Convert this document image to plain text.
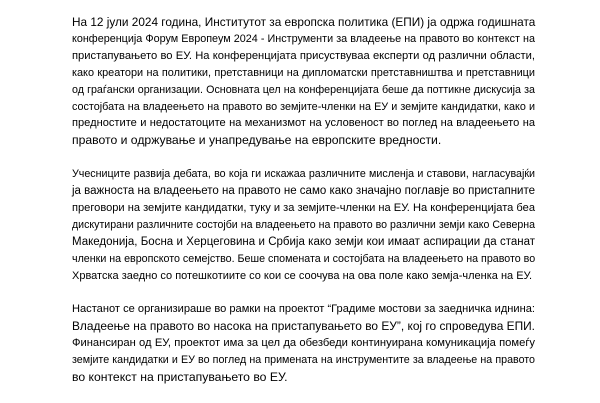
На 12 јули 2024 година, Институтот за европска политика (ЕПИ) ја одржа годишната
конференција Форум Европеум 2024 - Инструменти за владеење на правото во контекст на
пристапувањето во ЕУ. На конференцијата присуствуваа експерти од различни области,
како креатори на политики, претставници на дипломатски претставништва и претставници
од граѓански организации. Основната цел на конференцијата беше да поттикне дискусија за
состојбата на владеењето на правото во земјите-членки на ЕУ и земјите кандидатки, како и
предностите и недостатоците на механизмот на условеност во поглед на владеењето на
правото и одржување и унапредување на европските вредности.

Учесниците развија дебата, во која ги искажаа различните мисленја и ставови, нагласувајќи
ја важноста на владеењето на правото не само како значајно поглавје во пристапните
преговори на земјите кандидатки, туку и за земјите-членки на ЕУ. На конференцијата беа
дискутирани различните состојби на владеењето на правото во различни земји како Северна
Македонија, Босна и Херцеговина и Србија како земји кои имаат аспирации да станат
членки на европското семејство. Беше спомената и состојбата на владеењето на правото во
Хрватска заедно со потешкотиите со кои се соочува на ова поле како земја-членка на ЕУ.

Настанот се организираше во рамки на проектот “Градиме мостови за заедничка иднина:
Владеење на правото во насока на пристапувањето во ЕУ”, кој го спроведува ЕПИ.
Финансиран од ЕУ, проектот има за цел да обезбеди континуирана комуникација помеѓу
земјите кандидатки и ЕУ во поглед на примената на инструментите за владеење на правото
во контекст на пристапувањето во ЕУ.
